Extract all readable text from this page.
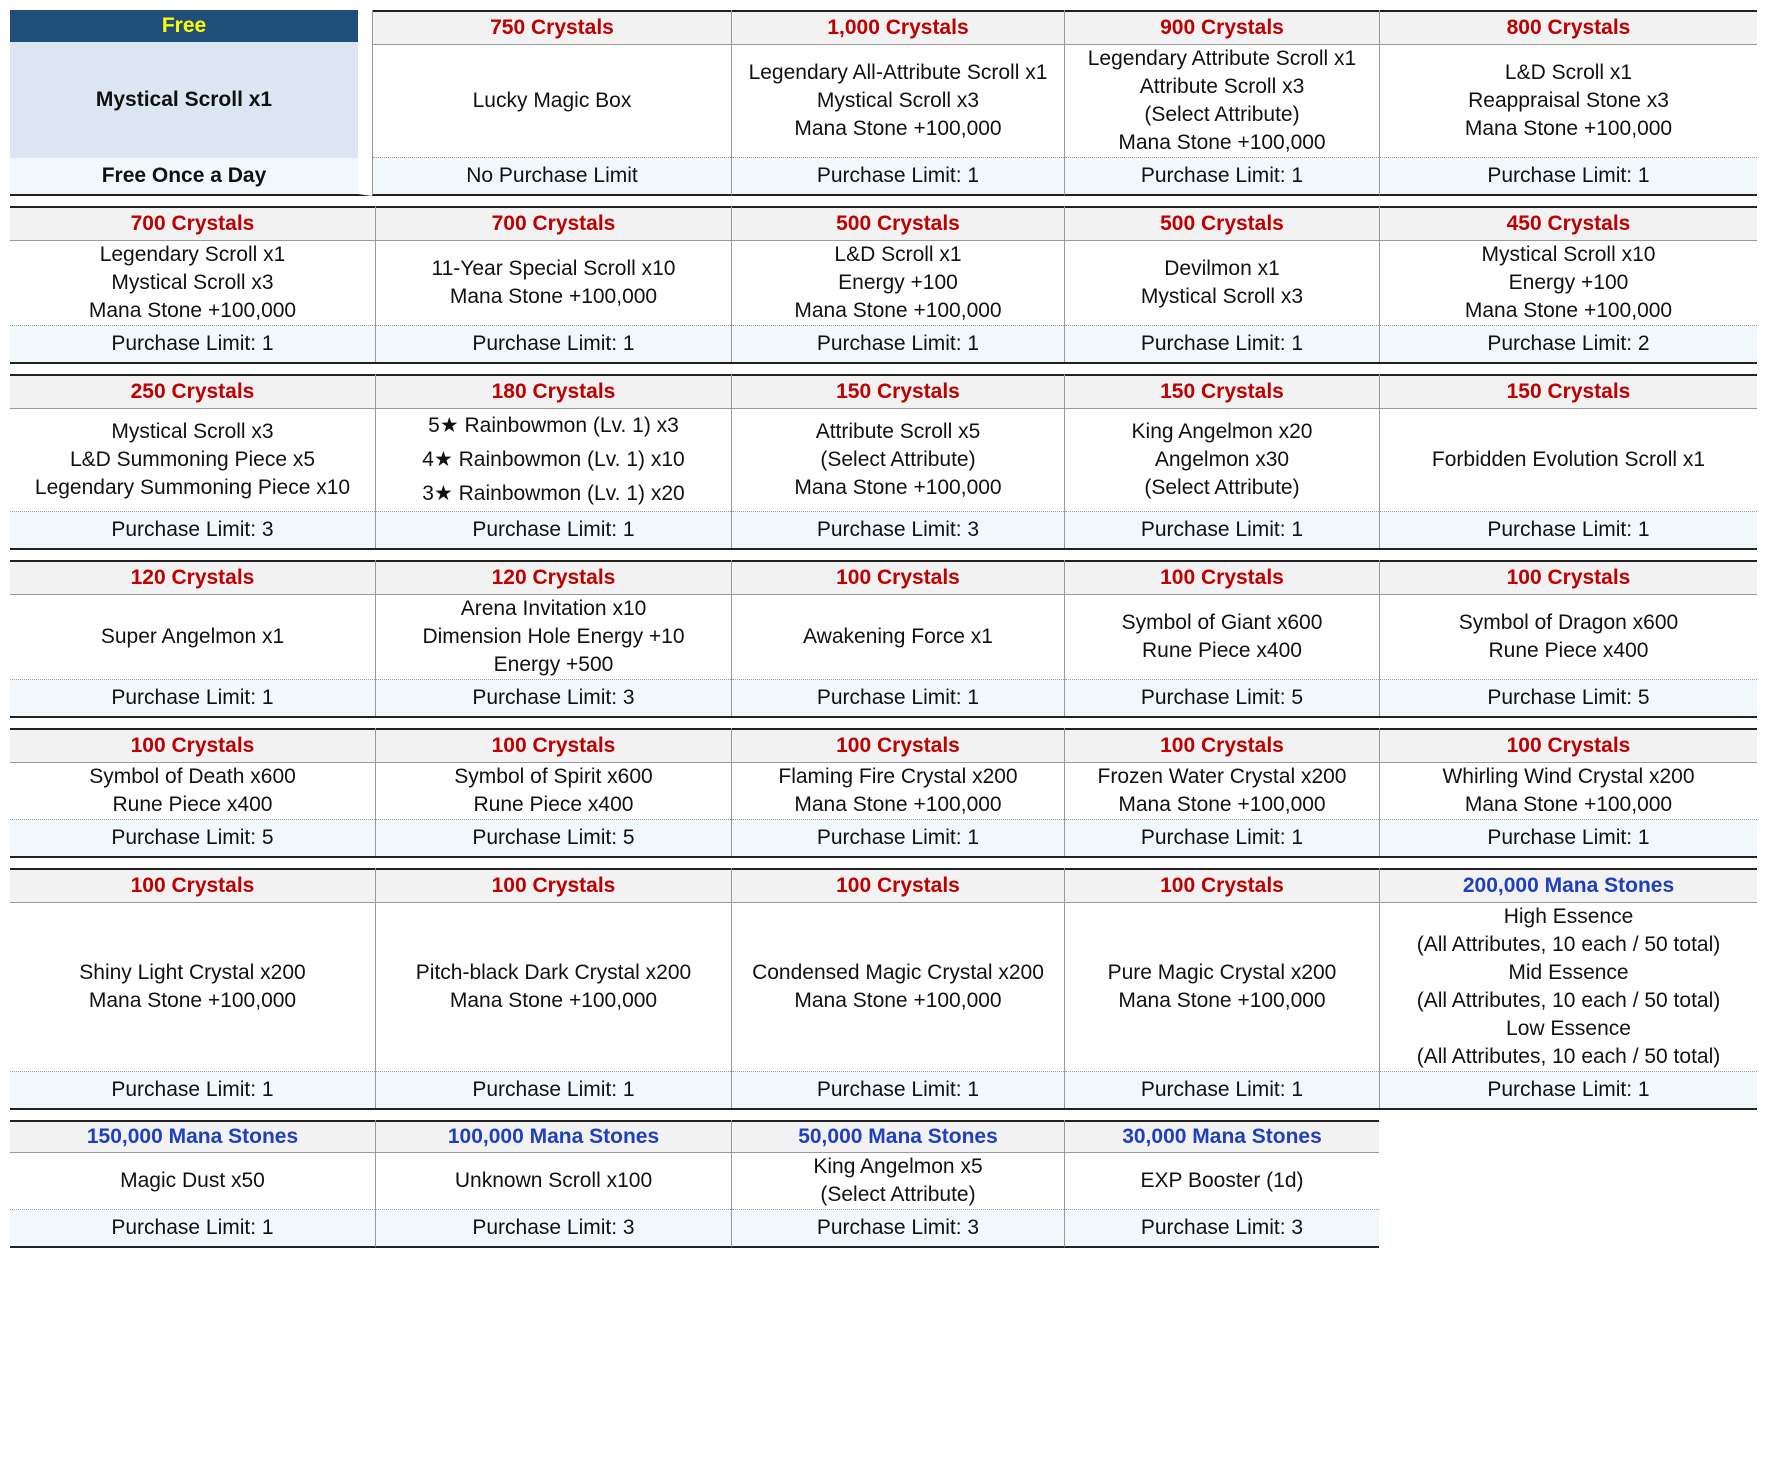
Free
Mystical Scroll x1
Free Once a Day
750 Crystals
Lucky Magic Box
No Purchase Limit
1,000 Crystals
Legendary All-Attribute Scroll x1
Mystical Scroll x3
Mana Stone +100,000
Purchase Limit: 1
900 Crystals
Legendary Attribute Scroll x1
Attribute Scroll x3
(Select Attribute)
Mana Stone +100,000
Purchase Limit: 1
800 Crystals
L&D Scroll x1
Reappraisal Stone x3
Mana Stone +100,000
Purchase Limit: 1
700 Crystals
Legendary Scroll x1
Mystical Scroll x3
Mana Stone +100,000
Purchase Limit: 1
700 Crystals
11-Year Special Scroll x10
Mana Stone +100,000
Purchase Limit: 1
500 Crystals
L&D Scroll x1
Energy +100
Mana Stone +100,000
Purchase Limit: 1
500 Crystals
Devilmon x1
Mystical Scroll x3
Purchase Limit: 1
450 Crystals
Mystical Scroll x10
Energy +100
Mana Stone +100,000
Purchase Limit: 2
250 Crystals
Mystical Scroll x3
L&D Summoning Piece x5
Legendary Summoning Piece x10
Purchase Limit: 3
180 Crystals
5★ Rainbowmon (Lv. 1) x3
4★ Rainbowmon (Lv. 1) x10
3★ Rainbowmon (Lv. 1) x20
Purchase Limit: 1
150 Crystals
Attribute Scroll x5
(Select Attribute)
Mana Stone +100,000
Purchase Limit: 3
150 Crystals
King Angelmon x20
Angelmon x30
(Select Attribute)
Purchase Limit: 1
150 Crystals
Forbidden Evolution Scroll x1
Purchase Limit: 1
120 Crystals
Super Angelmon x1
Purchase Limit: 1
120 Crystals
Arena Invitation x10
Dimension Hole Energy +10
Energy +500
Purchase Limit: 3
100 Crystals
Awakening Force x1
Purchase Limit: 1
100 Crystals
Symbol of Giant x600
Rune Piece x400
Purchase Limit: 5
100 Crystals
Symbol of Dragon x600
Rune Piece x400
Purchase Limit: 5
100 Crystals
Symbol of Death x600
Rune Piece x400
Purchase Limit: 5
100 Crystals
Symbol of Spirit x600
Rune Piece x400
Purchase Limit: 5
100 Crystals
Flaming Fire Crystal x200
Mana Stone +100,000
Purchase Limit: 1
100 Crystals
Frozen Water Crystal x200
Mana Stone +100,000
Purchase Limit: 1
100 Crystals
Whirling Wind Crystal x200
Mana Stone +100,000
Purchase Limit: 1
100 Crystals
Shiny Light Crystal x200
Mana Stone +100,000
Purchase Limit: 1
100 Crystals
Pitch-black Dark Crystal x200
Mana Stone +100,000
Purchase Limit: 1
100 Crystals
Condensed Magic Crystal x200
Mana Stone +100,000
Purchase Limit: 1
100 Crystals
Pure Magic Crystal x200
Mana Stone +100,000
Purchase Limit: 1
200,000 Mana Stones
High Essence
(All Attributes, 10 each / 50 total)
Mid Essence
(All Attributes, 10 each / 50 total)
Low Essence
(All Attributes, 10 each / 50 total)
Purchase Limit: 1
150,000 Mana Stones
Magic Dust x50
Purchase Limit: 1
100,000 Mana Stones
Unknown Scroll x100
Purchase Limit: 3
50,000 Mana Stones
King Angelmon x5
(Select Attribute)
Purchase Limit: 3
30,000 Mana Stones
EXP Booster (1d)
Purchase Limit: 3
